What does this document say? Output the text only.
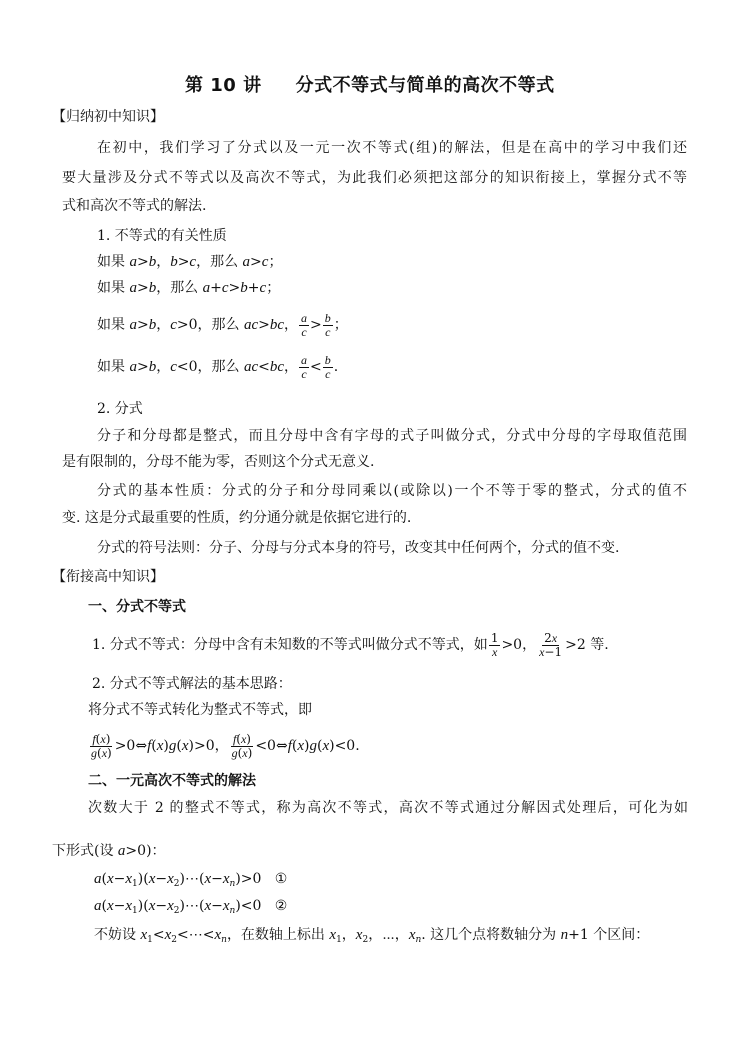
第 10 讲 分式不等式与简单的高次不等式
【归纳初中知识】
在初中，我们学习了分式以及一元一次不等式(组)的解法，但是在高中的学习中我们还
要大量涉及分式不等式以及高次不等式，为此我们必须把这部分的知识衔接上，掌握分式不等
式和高次不等式的解法.
1. 不等式的有关性质
如果 a>b，b>c，那么 a>c；
如果 a>b，那么 a+c>b+c；
如果 a>b，c>0，那么 ac>bc， $\frac{a}{c} > \frac{b}{c}$ ；
如果 a>b，c<0，那么 ac<bc， $\frac{a}{c} < \frac{b}{c}$ .
2. 分式
分子和分母都是整式，而且分母中含有字母的式子叫做分式，分式中分母的字母取值范围
是有限制的，分母不能为零，否则这个分式无意义.
分式的基本性质：分式的分子和分母同乘以(或除以)一个不等于零的整式，分式的值不
变. 这是分式最重要的性质，约分通分就是依据它进行的.
分式的符号法则：分子、分母与分式本身的符号，改变其中任何两个，分式的值不变.
【衔接高中知识】
一、分式不等式
1. 分式不等式：分母中含有未知数的不等式叫做分式不等式，如 $\frac{1}{x} >0$， $\frac{2x}{x-1} >2$ 等.
2. 分式不等式解法的基本思路：
将分式不等式转化为整式不等式，即
$\frac{f(x)}{g(x)}$ >0⇔f(x)g(x)>0， $\frac{f(x)}{g(x)}$ <0⇔f(x)g(x)<0.
二、一元高次不等式的解法
次数大于 2 的整式不等式，称为高次不等式，高次不等式通过分解因式处理后，可化为如
下形式(设 a>0)：
$a(x-x_1)(x-x_2)\cdots(x-x_n)>0$   ①
$a(x-x_1)(x-x_2)\cdots(x-x_n)<0$   ②
不妨设 $x_1<x_2<\cdots<x_n$，在数轴上标出 $x_1$，$x_2$，⋯，$x_n$. 这几个点将数轴分为 n+1 个区间：
